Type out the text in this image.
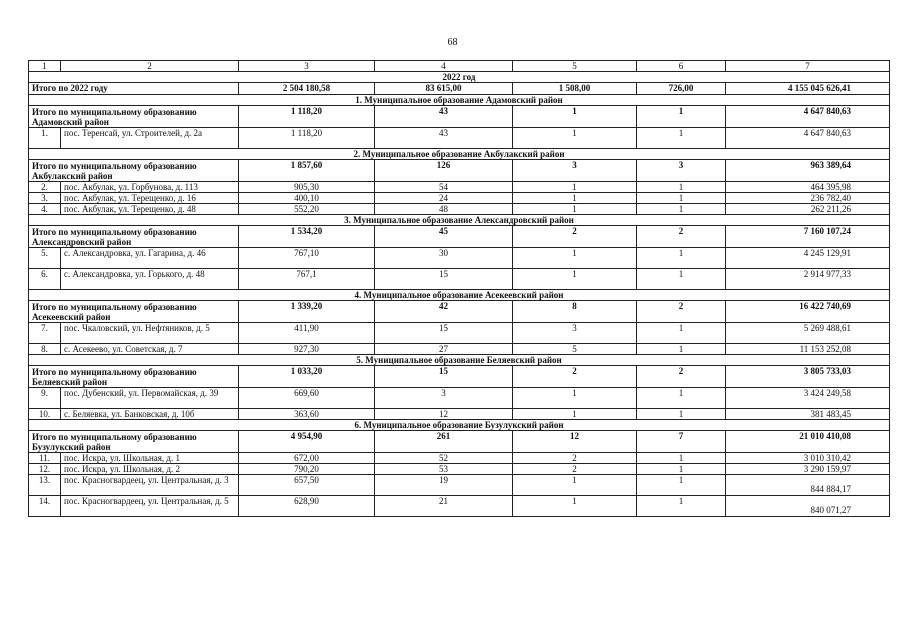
68
1	2	3	4	5	6	7
2022 год						
Итого по 2022 году		2 504 180,58	83 615,00	1 508,00	726,00	4 155 045 626,41
1. Муниципальное образование Адамовский район						
Итого по муниципальному образованию Адамовский район		1 118,20	43	1	1	4 647 840,63
1.	пос. Теренсай, ул. Строителей, д. 2а	1 118,20	43	1	1	4 647 840,63
2. Муниципальное образование Акбулакский район						
Итого по муниципальному образованию Акбулакский район		1 857,60	126	3	3	963 389,64
2.	пос. Акбулак, ул. Горбунова, д. 113	905,30	54	1	1	464 395,98
3.	пос. Акбулак, ул. Терещенко, д. 16	400,10	24	1	1	236 782,40
4.	пос. Акбулак, ул. Терещенко, д. 48	552,20	48	1	1	262 211,26
3. Муниципальное образование Александровский район						
Итого по муниципальному образованию Александровский район		1 534,20	45	2	2	7 160 107,24
5.	с. Александровка, ул. Гагарина, д. 46	767,10	30	1	1	4 245 129,91
6.	с. Александровка, ул. Горького, д. 48	767,1	15	1	1	2 914 977,33
4. Муниципальное образование Асекеевский район						
Итого по муниципальному образованию Асекеевский район		1 339,20	42	8	2	16 422 740,69
7.	пос. Чкаловский, ул. Нефтяников, д. 5	411,90	15	3	1	5 269 488,61
8.	с. Асекеево, ул. Советская, д. 7	927,30	27	5	1	11 153 252,08
5. Муниципальное образование Беляевский район						
Итого по муниципальному образованию Беляевский район		1 033,20	15	2	2	3 805 733,03
9.	пос. Дубенский, ул. Первомайская, д. 39	669,60	3	1	1	3 424 249,58
10.	с. Беляевка, ул. Банковская, д. 10б	363,60	12	1	1	381 483,45
6. Муниципальное образование Бузулукский район						
Итого по муниципальному образованию Бузулукский район		4 954,90	261	12	7	21 010 410,08
11.	пос. Искра, ул. Школьная, д. 1	672,00	52	2	1	3 010 310,42
12.	пос. Искра, ул. Школьная, д. 2	790,20	53	2	1	3 290 159,97
13.	пос. Красногвардеец, ул. Центральная, д. 3	657,50	19	1	1	844 884,17
14.	пос. Красногвардеец, ул. Центральная, д. 5	628,90	21	1	1	840 071,27
